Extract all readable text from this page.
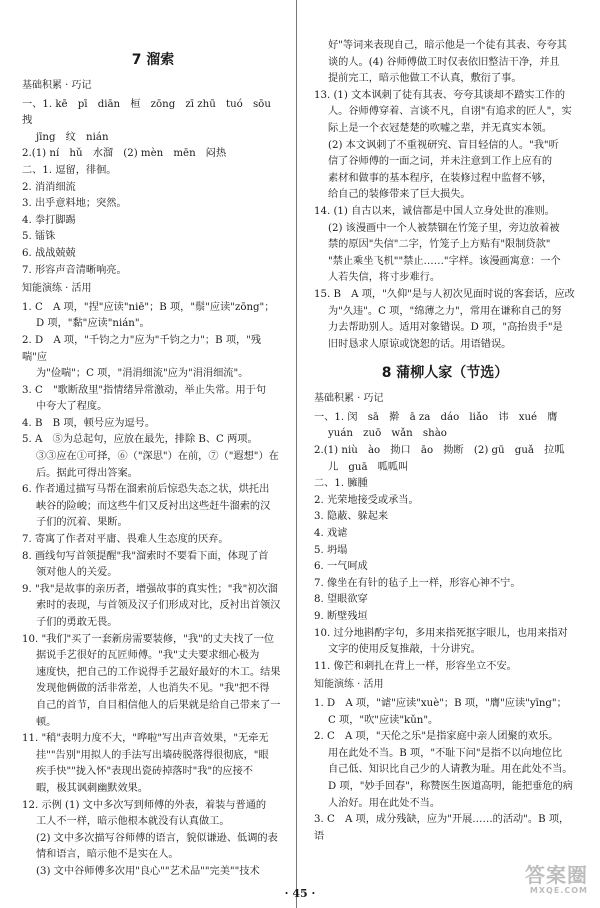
7 溜索
基础积累 · 巧记
一、1. kē　pī　diān　桓　zōng　zī zhū　tuó　sōu　拽
jīng　纹　nián
2.(1) ní　hǔ　水溜　(2) mèn　mēn　闷热
二、1. 逗留，徘徊。
2. 消消细流
3. 出乎意料地；突然。
4. 拳打脚踢
5. 镭铢
6. 战战兢兢
7. 形容声音清晰响亮。
知能演练 · 活用
1. C　A 项，"捏"应读"niē"；B 项，"鬃"应读"zōng"；
D 项，"黏"应读"nián"。
2. D　A 项，"千钧之力"应为"千钧之力"；B 项，"残喘"应
为"俭喘"；C 项，"涓涓细流"应为"涓涓细流"。
3. C　"歌断敌里"指情绪异常激动，举止失常。用于句
中夸大了程度。
4. B　B 项，顿号应为逗号。
5. A　⑤为总起句，应放在最先，排除 B、C 两项。
③③应在①可择，⑥（"深思"）在前，⑦（"遐想"）在
后。据此可得出答案。
6. 作者通过描写马帮在溜索前后惊恐失态之状，烘托出
峡谷的险峻；而这些牛们又反衬出这些赶牛溜索的汉
子们的沉着、果断。
7. 寄寓了作者对平庸、畏难人生态度的厌弃。
8. 画线句写首领提醒"我"溜索时不要看下面，体现了首
领对他人的关爱。
9. "我"是故事的亲历者，增强故事的真实性；"我"初次溜
索时的表现，与首领及汉子们形成对比，反衬出首领汉
子们的勇敢无畏。
10. "我们"买了一套新房需要装修，"我"的丈夫找了一位
据说手艺很好的瓦匠师傅。"我"丈夫要求细心极为
速度快，把自己的工作说得手艺最好最好的木工。结果
发现他俩做的活非常差，人也消失不见。"我"把不得
自己的首节，自目相信他人的后果就是给自己带来了一顿。
11. "稍"表明力度不大，"哗啦"写出声音效果，"无牵无
挂""告别"用拟人的手法写出墙砖脱落得很彻底，"眼
疾手快""拢入怀"表现出瓷砖掉落时"我"的应接不
暇，极其讽刺幽默效果。
12. 示例 (1) 文中多次写到师傅的外表，着装与普通的
工人不一样，暗示他根本就没有认真做工。
(2) 文中多次描写谷师傅的语言，貌似谦逊、低调的表
情和语言，暗示他不是实在人。
(3) 文中谷师傅多次用"良心""艺术品""完美""技术
好"等词来表现自己，暗示他是一个徒有其表、夸夸其
谈的人。(4) 谷师傅做工时仅表依旧整洁干净，并且
提前完工，暗示他做工不认真，敷衍了事。
13. (1) 文本讽刺了徒有其表、夸夸其谈却不踏实工作的
人。谷师傅穿着、言谈不凡，自诩"有追求的匠人"，实
际上是一个衣冠楚楚的吹嘘之辈，并无真实本领。
(2) 本文讽刺了不重视研究、盲目轻信的人。"我"听
信了谷师傅的一面之词，并未注意到工作上应有的
素材和做事的基本程序，在装修过程中监督不够，
给自己的装修带来了巨大损失。
14. (1) 自古以来，诚信都是中国人立身处世的准则。
(2) 该漫画中一个人被禁锢在竹笼子里，旁边放着被
禁的原因"失信"二字，竹笼子上方贴有"限制贷款"
"禁止乘坐飞机""禁止……"字样。该漫画寓意：一个
人若失信，将寸步难行。
15. B　A 项，"久仰"是与人初次见面时说的客套话，应改
为"久违"。C 项，"绵薄之力"，常用在谦称自己的努
力去帮助别人。适用对象错误。D 项，"高抬贵手"是
旧时恳求人原谅或饶恕的话。用语错误。
8 蒲柳人家（节选）
基础积累 · 巧记
一、1. 闵　sā　擀　ā za　dáo　liǎo　讳　xué　膺
yuán　zuō　wǎn　shào
2.(1) niù　ào　拗口　āo　拗断　(2) gū　guǎ　拉呱
儿　guā　呱呱叫
二、1. 臃腫
2. 光荣地接受或承当。
3. 隐蔽、躲起来
4. 戏谑
5. 坍塌
6. 一气呵成
7. 像坐在有针的毡子上一样，形容心神不宁。
8. 望眼欲穿
9. 断壁残垣
10. 过分地斟酌字句，多用来指死抠字眼儿，也用来指对
文字的使用反复推敲，十分讲究。
11. 像芒和刺扎在背上一样，形容坐立不安。
知能演练 · 活用
1. D　A 项，"谑"应读"xuè"；B 项，"膺"应读"yīng"；
C 项，"吹"应读"kǔn"。
2. C　A 项，"天伦之乐"是指家庭中亲人团聚的欢乐。
用在此处不当。B 项，"不耻下问"是指不以向地位比
自己低、知识比自己少的人请教为耻。用在此处不当。
D 项，"妙手回春"，称赞医生医道高明，能把垂危的病
人治好。用在此处不当。
3. C　A 项，成分残缺，应为"开展……的活动"。B 项，语
· 45 ·
答案圈
MXQE.COM
